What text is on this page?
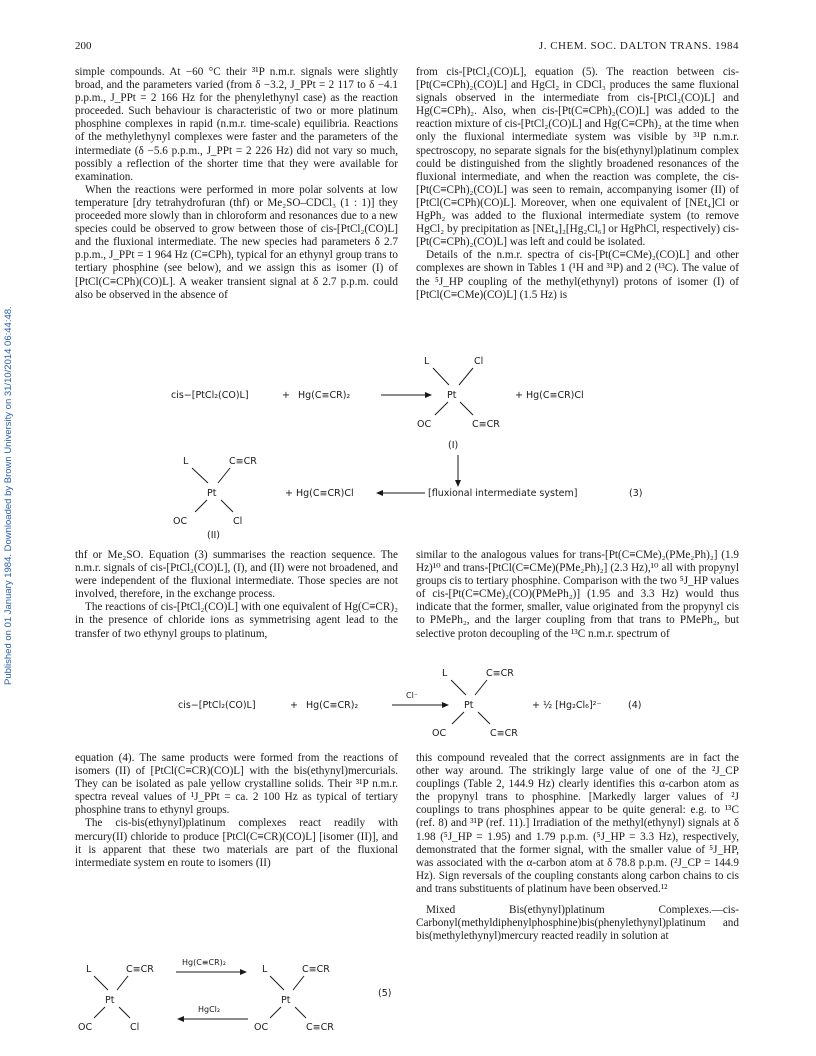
200	J. CHEM. SOC. DALTON TRANS. 1984
Published on 01 January 1984. Downloaded by Brown University on 31/10/2014 06:44:48.

simple compounds. At −60 °C their ³¹P n.m.r. signals were slightly broad, and the parameters varied (from δ −3.2, J_PPt = 2 117 to δ −4.1 p.p.m., J_PPt = 2 166 Hz for the phenylethynyl case) as the reaction proceeded. Such behaviour is characteristic of two or more platinum phosphine complexes in rapid (n.m.r. time-scale) equilibria. Reactions of the methylethynyl complexes were faster and the parameters of the intermediate (δ −5.6 p.p.m., J_PPt = 2 226 Hz) did not vary so much, possibly a reflection of the shorter time that they were available for examination.

When the reactions were performed in more polar solvents at low temperature [dry tetrahydrofuran (thf) or Me₂SO–CDCl₃ (1 : 1)] they proceeded more slowly than in chloroform and resonances due to a new species could be observed to grow between those of cis-[PtCl₂(CO)L] and the fluxional intermediate. The new species had parameters δ 2.7 p.p.m., J_PPt = 1 964 Hz (C≡CPh), typical for an ethynyl group trans to tertiary phosphine (see below), and we assign this as isomer (I) of [PtCl(C≡CPh)(CO)L]. A weaker transient signal at δ 2.7 p.p.m. could also be observed in the absence of

from cis-[PtCl₂(CO)L], equation (5). The reaction between cis-[Pt(C≡CPh)₂(CO)L] and HgCl₂ in CDCl₃ produces the same fluxional signals observed in the intermediate from cis-[PtCl₂(CO)L] and Hg(C≡CPh)₂. Also, when cis-[Pt(C≡CPh)₂(CO)L] was added to the reaction mixture of cis-[PtCl₂(CO)L] and Hg(C≡CPh)₂ at the time when only the fluxional intermediate system was visible by ³¹P n.m.r. spectroscopy, no separate signals for the bis(ethynyl)platinum complex could be distinguished from the slightly broadened resonances of the fluxional intermediate, and when the reaction was complete, the cis-[Pt(C≡CPh)₂(CO)L] was seen to remain, accompanying isomer (II) of [PtCl(C≡CPh)(CO)L]. Moreover, when one equivalent of [NEt₄]Cl or HgPh₂ was added to the fluxional intermediate system (to remove HgCl₂ by precipitation as [NEt₄]₂[Hg₂Cl₆] or HgPhCl, respectively) cis-[Pt(C≡CPh)₂(CO)L] was left and could be isolated.

Details of the n.m.r. spectra of cis-[Pt(C≡CMe)₂(CO)L] and other complexes are shown in Tables 1 (¹H and ³¹P) and 2 (¹³C). The value of the ⁵J_HP coupling of the methyl(ethynyl) protons of isomer (I) of [PtCl(C≡CMe)(CO)L] (1.5 Hz) is

cis−[PtCl₂(CO)L]	+ Hg(C≡CR)₂
L	Cl
Pt
OC	C≡CR
(I)
+ Hg(C≡CR)Cl
L	C≡CR
Pt
OC	Cl
(II)
+ Hg(C≡CR)Cl	[fluxional intermediate system]	(3)

thf or Me₂SO. Equation (3) summarises the reaction sequence. The n.m.r. signals of cis-[PtCl₂(CO)L], (I), and (II) were not broadened, and were independent of the fluxional intermediate. Those species are not involved, therefore, in the exchange process.

The reactions of cis-[PtCl₂(CO)L] with one equivalent of Hg(C≡CR)₂ in the presence of chloride ions as symmetrising agent lead to the transfer of two ethynyl groups to platinum,

similar to the analogous values for trans-[Pt(C≡CMe)₂(PMe₂Ph)₂] (1.9 Hz)¹⁰ and trans-[PtCl(C≡CMe)(PMe₂Ph)₂] (2.3 Hz),¹⁰ all with propynyl groups cis to tertiary phosphine. Comparison with the two ⁵J_HP values of cis-[Pt(C≡CMe)₂(CO)(PMePh₂)] (1.95 and 3.3 Hz) would thus indicate that the former, smaller, value originated from the propynyl cis to PMePh₂, and the larger coupling from that trans to PMePh₂, but selective proton decoupling of the ¹³C n.m.r. spectrum of

cis−[PtCl₂(CO)L]	+ Hg(C≡CR)₂
Cl⁻
L	C≡CR
Pt
OC	C≡CR
+ ½ [Hg₂Cl₆]²⁻	(4)

equation (4). The same products were formed from the reactions of isomers (II) of [PtCl(C≡CR)(CO)L] with the bis(ethynyl)mercurials. They can be isolated as pale yellow crystalline solids. Their ³¹P n.m.r. spectra reveal values of ¹J_PPt = ca. 2 100 Hz as typical of tertiary phosphine trans to ethynyl groups.

The cis-bis(ethynyl)platinum complexes react readily with mercury(II) chloride to produce [PtCl(C≡CR)(CO)L] [isomer (II)], and it is apparent that these two materials are part of the fluxional intermediate system en route to isomers (II)

this compound revealed that the correct assignments are in fact the other way around. The strikingly large value of one of the ²J_CP couplings (Table 2, 144.9 Hz) clearly identifies this α-carbon atom as the propynyl trans to phosphine. [Markedly larger values of ²J couplings to trans phosphines appear to be quite general: e.g. to ¹³C (ref. 8) and ³¹P (ref. 11).] Irradiation of the methyl(ethynyl) signals at δ 1.98 (⁵J_HP = 1.95) and 1.79 p.p.m. (⁵J_HP = 3.3 Hz), respectively, demonstrated that the former signal, with the smaller value of ⁵J_HP, was associated with the α-carbon atom at δ 78.8 p.p.m. (²J_CP = 144.9 Hz). Sign reversals of the coupling constants along carbon chains to cis and trans substituents of platinum have been observed.¹²

Mixed Bis(ethynyl)platinum Complexes.—cis-Carbonyl(methyldiphenylphosphine)bis(phenylethynyl)platinum and bis(methylethynyl)mercury reacted readily in solution at

L	C≡CR
Pt
OC	Cl
Hg(C≡CR)₂
HgCl₂
L	C≡CR
Pt
OC	C≡CR
(5)
